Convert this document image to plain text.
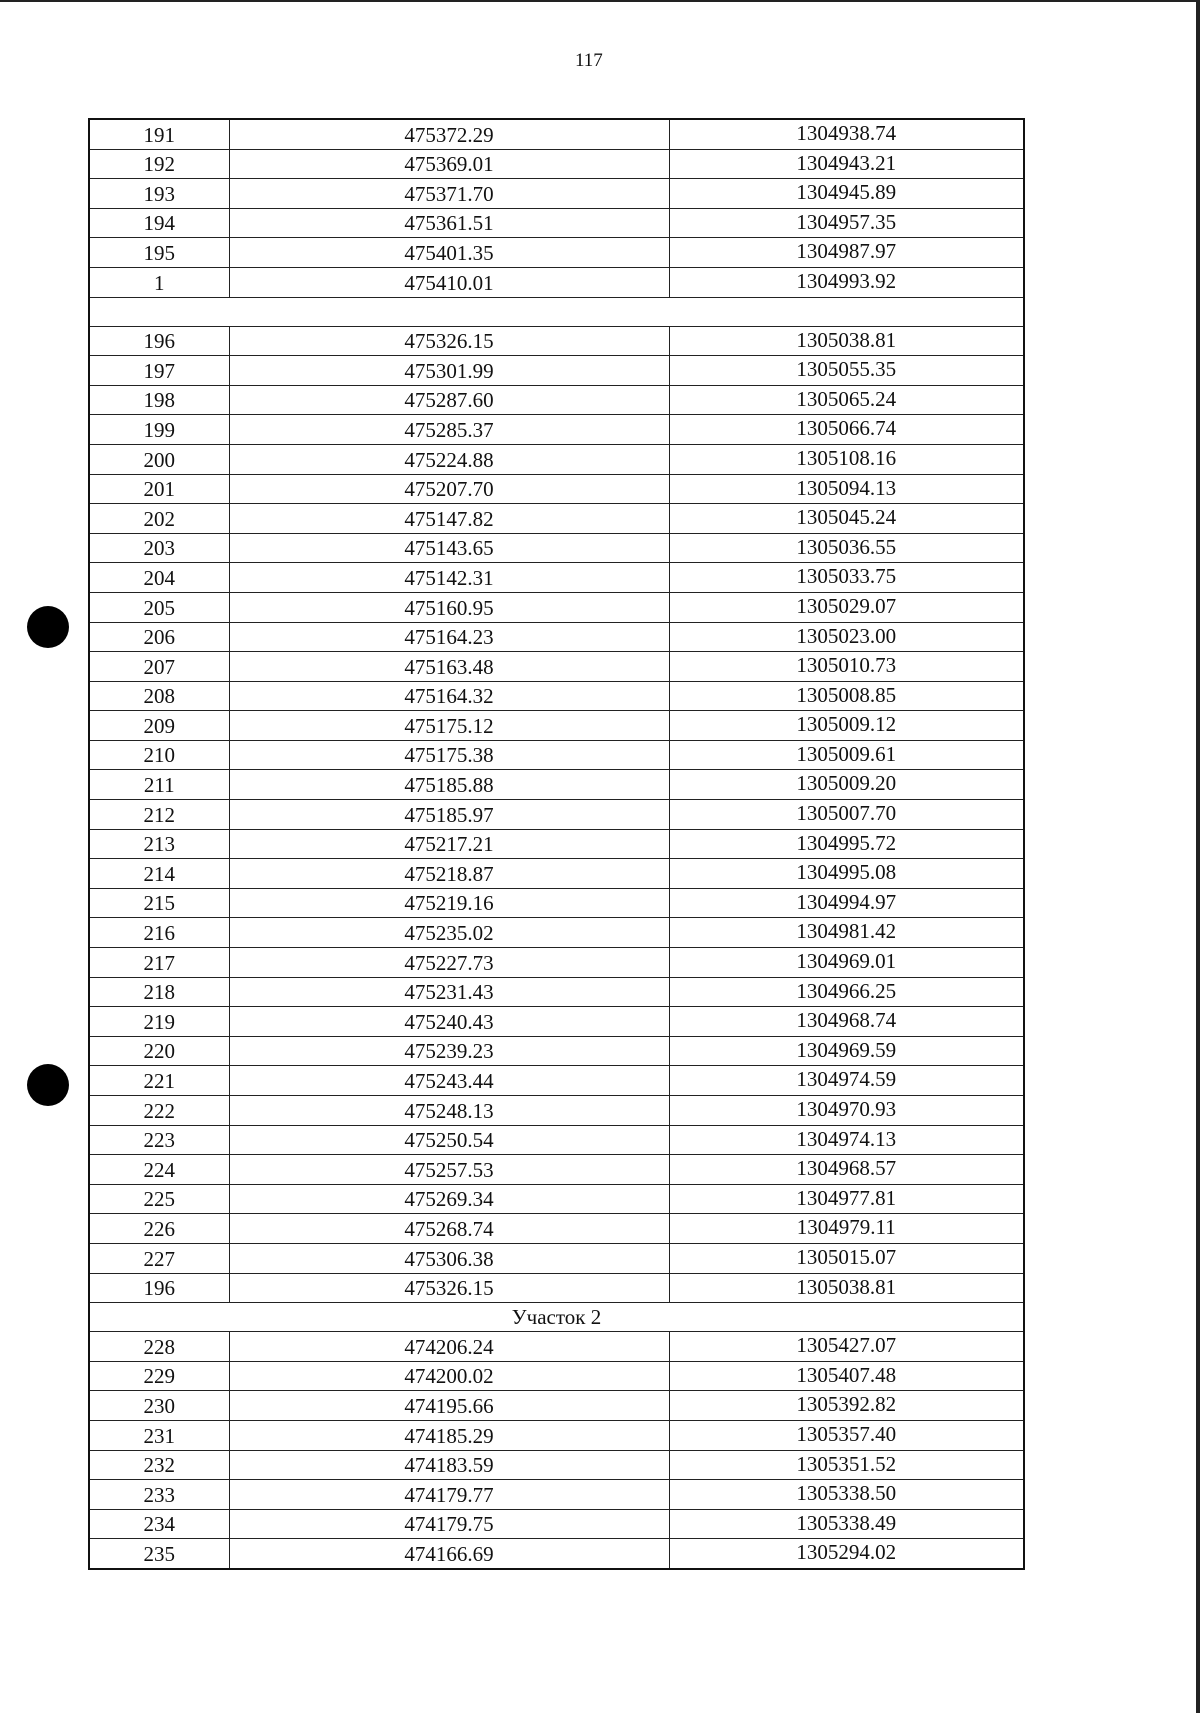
117
191	475372.29	1304938.74
192	475369.01	1304943.21
193	475371.70	1304945.89
194	475361.51	1304957.35
195	475401.35	1304987.97
1	475410.01	1304993.92

196	475326.15	1305038.81
197	475301.99	1305055.35
198	475287.60	1305065.24
199	475285.37	1305066.74
200	475224.88	1305108.16
201	475207.70	1305094.13
202	475147.82	1305045.24
203	475143.65	1305036.55
204	475142.31	1305033.75
205	475160.95	1305029.07
206	475164.23	1305023.00
207	475163.48	1305010.73
208	475164.32	1305008.85
209	475175.12	1305009.12
210	475175.38	1305009.61
211	475185.88	1305009.20
212	475185.97	1305007.70
213	475217.21	1304995.72
214	475218.87	1304995.08
215	475219.16	1304994.97
216	475235.02	1304981.42
217	475227.73	1304969.01
218	475231.43	1304966.25
219	475240.43	1304968.74
220	475239.23	1304969.59
221	475243.44	1304974.59
222	475248.13	1304970.93
223	475250.54	1304974.13
224	475257.53	1304968.57
225	475269.34	1304977.81
226	475268.74	1304979.11
227	475306.38	1305015.07
196	475326.15	1305038.81
Участок 2		
228	474206.24	1305427.07
229	474200.02	1305407.48
230	474195.66	1305392.82
231	474185.29	1305357.40
232	474183.59	1305351.52
233	474179.77	1305338.50
234	474179.75	1305338.49
235	474166.69	1305294.02
